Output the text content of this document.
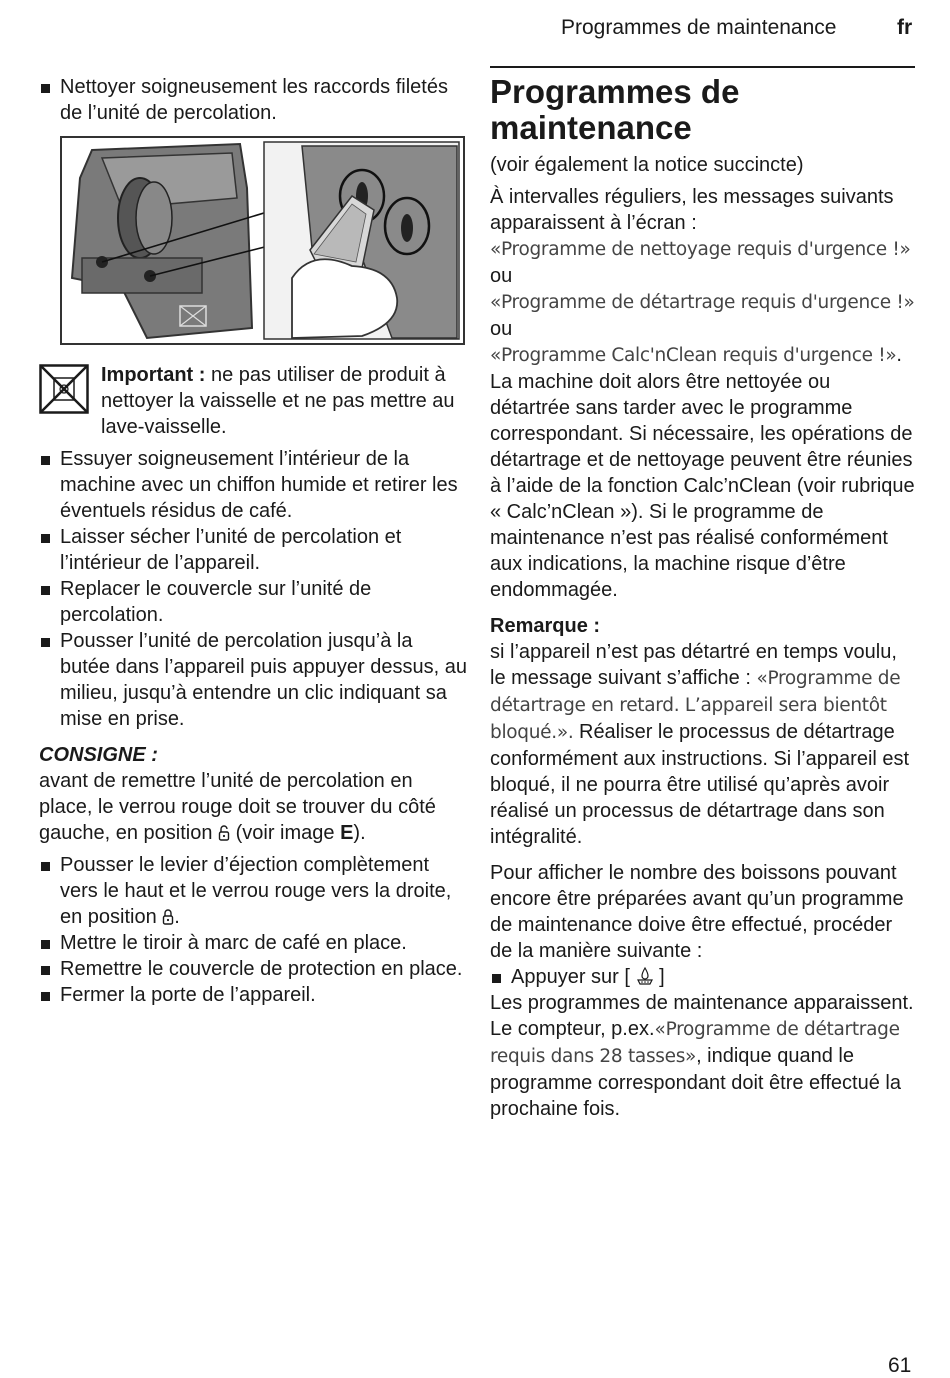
Programmes de maintenance	fr
Nettoyer soigneusement les raccords filetés de l’unité de percolation.
Important : ne pas utiliser de produit à nettoyer la vaisselle et ne pas mettre au lave-vaisselle.
Essuyer soigneusement l’intérieur de la machine avec un chiffon humide et retirer les éventuels résidus de café.
Laisser sécher l’unité de percolation et l’intérieur de l’appareil.
Replacer le couvercle sur l’unité de percolation.
Pousser l’unité de percolation jusqu’à la butée dans l’appareil puis appuyer dessus, au milieu, jusqu’à entendre un clic indiquant sa mise en prise.
CONSIGNE :

avant de remettre l’unité de percolation en place, le verrou rouge doit se trouver du côté gauche, en position  (voir image E).

Pousser le levier d’éjection complètement vers le haut et le verrou rouge vers la droite, en position .
Mettre le tiroir à marc de café en place.
Remettre le couvercle de protection en place.
Fermer la porte de l’appareil.
Programmes de maintenance

(voir également la notice succincte)

À intervalles réguliers, les messages suivants apparaissent à l’écran :
«Programme de nettoyage requis d'urgence !» ou
«Programme de détartrage requis d'urgence !» ou
«Programme Calc'nClean requis d'urgence !».
La machine doit alors être nettoyée ou détartrée sans tarder avec le programme correspondant. Si nécessaire, les opérations de détartrage et de nettoyage peuvent être réunies à l’aide de la fonction Calc’nClean (voir rubrique « Calc’nClean »). Si le programme de maintenance n’est pas réalisé conformément aux indications, la machine risque d’être endommagée.

Remarque :

si l’appareil n’est pas détartré en temps voulu, le message suivant s’affiche : «Programme de détartrage en retard. L’appareil sera bientôt bloqué.». Réaliser le processus de détartrage conformément aux instructions. Si l’appareil est bloqué, il ne pourra être utilisé qu’après avoir réalisé un processus de détartrage dans son intégralité.

Pour afficher le nombre des boissons pouvant encore être préparées avant qu’un programme de maintenance doive être effectué, procéder de la manière suivante :

Appuyer sur [  ]

Les programmes de maintenance apparaissent. Le compteur, p.ex.«Programme de détartrage requis dans 28 tasses», indique quand le programme correspondant doit être effectué la prochaine fois.

61
